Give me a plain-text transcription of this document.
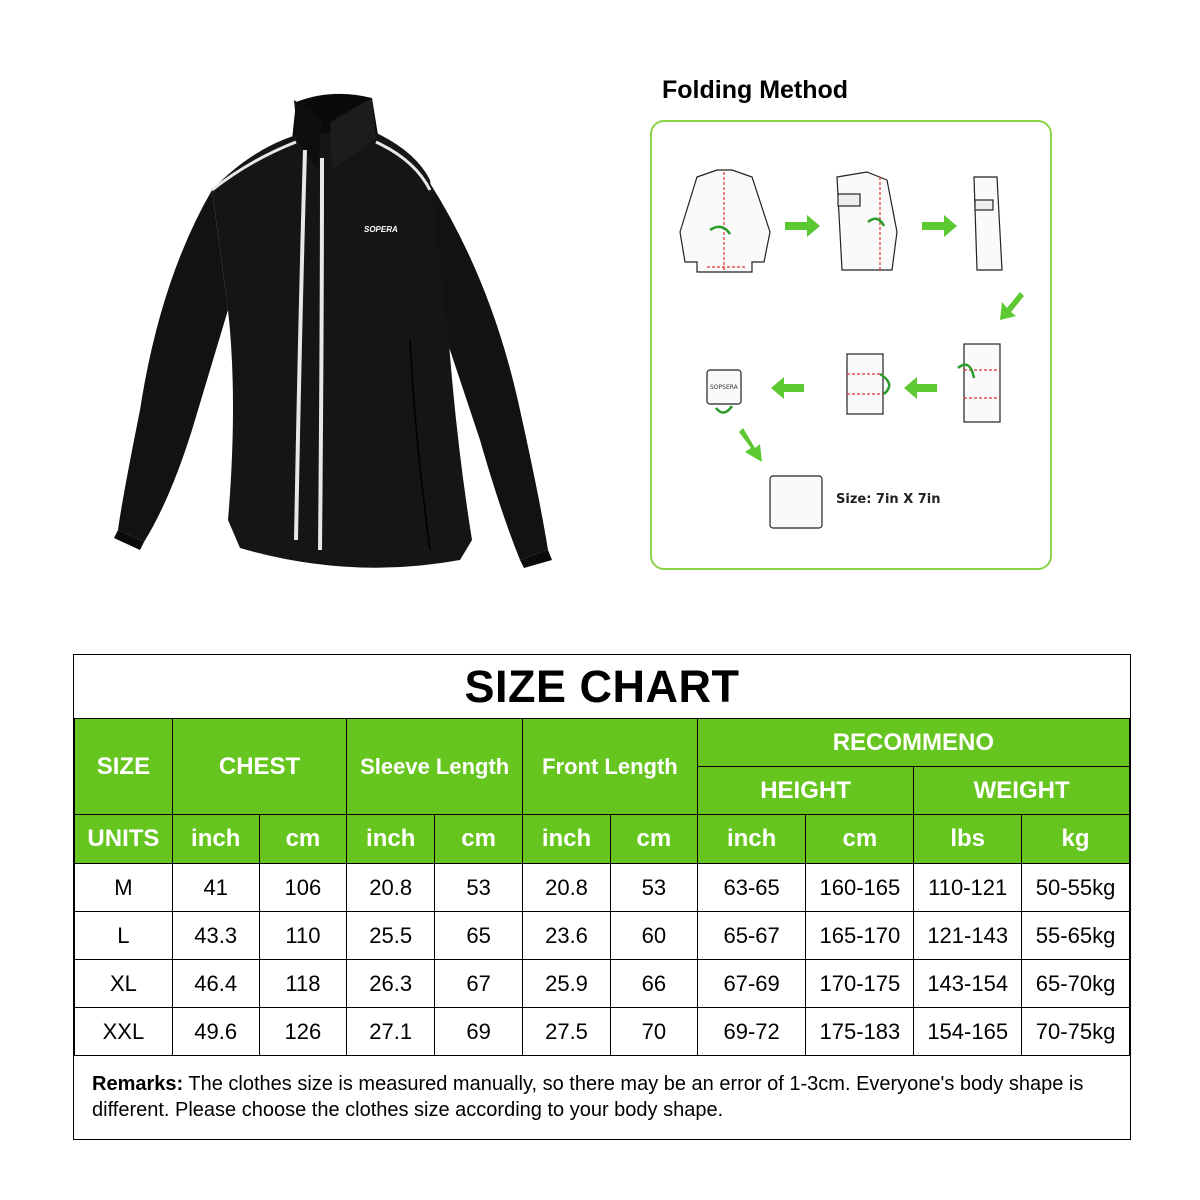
SOPERA
Folding Method
SOPSERA
Size: 7in X 7in
SIZE CHART
SIZE	CHEST		Sleeve Length		Front Length		RECOMMENO			
							HEIGHT		WEIGHT	
UNITS	inch	cm	inch	cm	inch	cm	inch	cm	lbs	kg
M	41	106	20.8	53	20.8	53	63-65	160-165	110-121	50-55kg
L	43.3	110	25.5	65	23.6	60	65-67	165-170	121-143	55-65kg
XL	46.4	118	26.3	67	25.9	66	67-69	170-175	143-154	65-70kg
XXL	49.6	126	27.1	69	27.5	70	69-72	175-183	154-165	70-75kg
Remarks: The clothes size is measured manually, so there may be an error of 1-3cm. Everyone's body shape is different. Please choose the clothes size according to your body shape.
